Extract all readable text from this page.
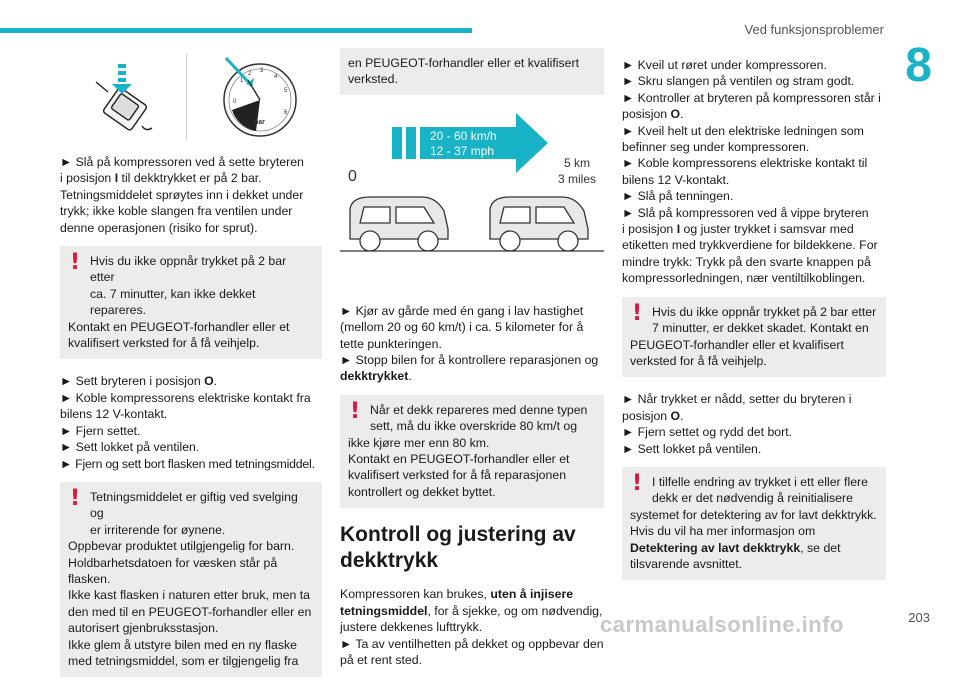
Ved funksjonsproblemer
8
0
1
2 3
4
5
6
bar

► Slå på kompressoren ved å sette bryteren
i posisjon I til dekktrykket er på 2 bar.
Tetningsmiddelet sprøytes inn i dekket under
trykk; ikke koble slangen fra ventilen under
denne operasjonen (risiko for sprut).

! Hvis du ikke oppnår trykket på 2 bar etter
ca. 7 minutter, kan ikke dekket repareres.
Kontakt en PEUGEOT-forhandler eller et
kvalifisert verksted for å få veihjelp.

► Sett bryteren i posisjon O.
► Koble kompressorens elektriske kontakt fra
bilens 12 V-kontakt.
► Fjern settet.
► Sett lokket på ventilen.
► Fjern og sett bort flasken med tetningsmiddel.

! Tetningsmiddelet er giftig ved svelging og
er irriterende for øynene.
Oppbevar produktet utilgjengelig for barn.
Holdbarhetsdatoen for væsken står på
flasken.
Ikke kast flasken i naturen etter bruk, men ta
den med til en PEUGEOT-forhandler eller en
autorisert gjenbruksstasjon.
Ikke glem å utstyre bilen med en ny flaske
med tetningsmiddel, som er tilgjengelig fra
en PEUGEOT-forhandler eller et kvalifisert
verksted.
20 - 60 km/h
12 - 37 mph
0
5 km
3 miles

► Kjør av gårde med én gang i lav hastighet
(mellom 20 og 60 km/t) i ca. 5 kilometer for å
tette punkteringen.
► Stopp bilen for å kontrollere reparasjonen og
dekktrykket.

! Når et dekk repareres med denne typen
sett, må du ikke overskride 80 km/t og
ikke kjøre mer enn 80 km.
Kontakt en PEUGEOT-forhandler eller et
kvalifisert verksted for å få reparasjonen
kontrollert og dekket byttet.
Kontroll og justering av dekktrykk

Kompressoren kan brukes, uten å injisere tetningsmiddel, for å sjekke, og om nødvendig, justere dekkenes lufttrykk.
► Ta av ventilhetten på dekket og oppbevar den
på et rent sted.

► Kveil ut røret under kompressoren.
► Skru slangen på ventilen og stram godt.
► Kontroller at bryteren på kompressoren står i
posisjon O.
► Kveil helt ut den elektriske ledningen som
befinner seg under kompressoren.
► Koble kompressorens elektriske kontakt til
bilens 12 V-kontakt.
► Slå på tenningen.
► Slå på kompressoren ved å vippe bryteren
i posisjon I og juster trykket i samsvar med
etiketten med trykkverdiene for bildekkene. For
mindre trykk: Trykk på den svarte knappen på
kompressorledningen, nær ventiltilkoblingen.

! Hvis du ikke oppnår trykket på 2 bar etter
7 minutter, er dekket skadet. Kontakt en
PEUGEOT-forhandler eller et kvalifisert
verksted for å få veihjelp.

► Når trykket er nådd, setter du bryteren i
posisjon O.
► Fjern settet og rydd det bort.
► Sett lokket på ventilen.

! I tilfelle endring av trykket i ett eller flere
dekk er det nødvendig å reinitialisere
systemet for detektering av for lavt dekktrykk.
Hvis du vil ha mer informasjon om
Detektering av lavt dekktrykk, se det
tilsvarende avsnittet.
carmanualsonline.info	203
